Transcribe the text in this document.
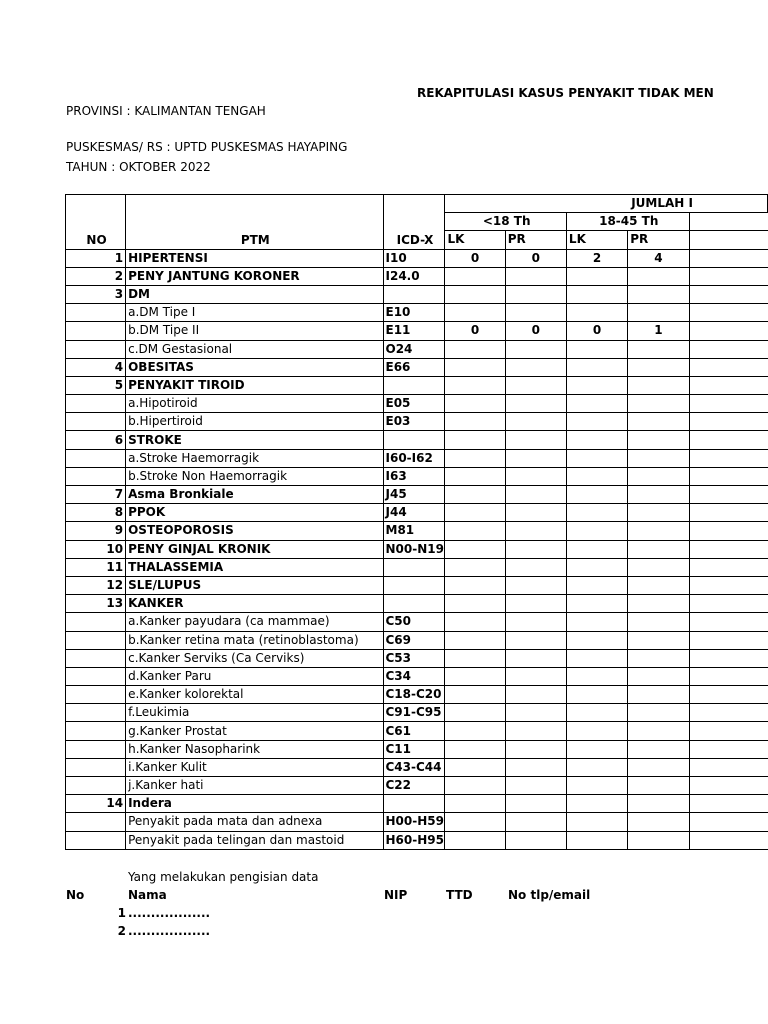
REKAPITULASI KASUS PENYAKIT TIDAK MEN
PROVINSI : KALIMANTAN TENGAH
PUSKESMAS/ RS : UPTD PUSKESMAS HAYAPING
TAHUN : OKTOBER 2022
			JUMLAH I				
			<18 Th		18-45 Th		
NO	PTM	ICD-X	LK	PR	LK	PR	
1	HIPERTENSI	I10	0	0	2	4	
2	PENY JANTUNG KORONER	I24.0					
3	DM						
	a.DM Tipe I	E10					
	b.DM Tipe II	E11	0	0	0	1	
	c.DM Gestasional	O24					
4	OBESITAS	E66					
5	PENYAKIT TIROID						
	a.Hipotiroid	E05					
	b.Hipertiroid	E03					
6	STROKE						
	a.Stroke Haemorragik	I60-I62					
	b.Stroke Non Haemorragik	I63					
7	Asma Bronkiale	J45					
8	PPOK	J44					
9	OSTEOPOROSIS	M81					
10	PENY GINJAL KRONIK	N00-N19					
11	THALASSEMIA						
12	SLE/LUPUS						
13	KANKER						
	a.Kanker payudara (ca mammae)	C50					
	b.Kanker retina mata (retinoblastoma)	C69					
	c.Kanker Serviks (Ca Cerviks)	C53					
	d.Kanker Paru	C34					
	e.Kanker kolorektal	C18-C20					
	f.Leukimia	C91-C95					
	g.Kanker Prostat	C61					
	h.Kanker Nasopharink	C11					
	i.Kanker Kulit	C43-C44					
	j.Kanker hati	C22					
14	Indera						
	Penyakit pada mata dan adnexa	H00-H59					
	Penyakit pada telingan dan mastoid	H60-H95					
Yang melakukan pengisian data
No	Nama	NIP	TTD	No tlp/email
1 ..................
2 ..................
